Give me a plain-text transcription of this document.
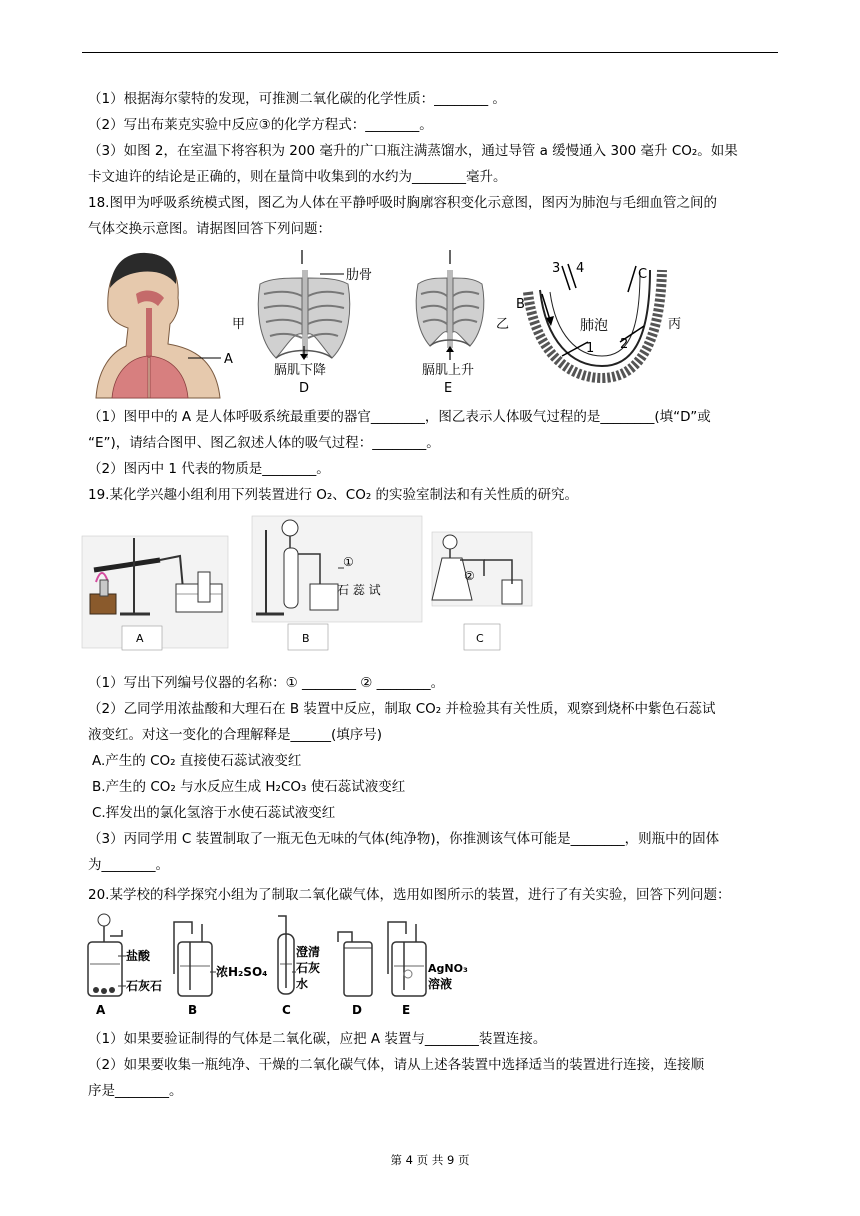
（1）根据海尔蒙特的发现，可推测二氧化碳的化学性质：________ 。
（2）写出布莱克实验中反应③的化学方程式：________。
（3）如图 2，在室温下将容积为 200 毫升的广口瓶注满蒸馏水，通过导管 a 缓慢通入 300 毫升 CO₂。如果
卡文迪许的结论是正确的，则在量筒中收集到的水约为________毫升。
18.图甲为呼吸系统模式图，图乙为人体在平静呼吸时胸廓容积变化示意图，图丙为肺泡与毛细血管之间的
气体交换示意图。请据图回答下列问题：
A
甲
肋骨
膈肌下降
D
膈肌上升
E
乙
3 4
B
C
肺泡
1 2
丙
（1）图甲中的 A 是人体呼吸系统最重要的器官________，图乙表示人体吸气过程的是________(填“D”或
“E”)，请结合图甲、图乙叙述人体的吸气过程：________。
（2）图丙中 1 代表的物质是________。
19.某化学兴趣小组利用下列装置进行 O₂、CO₂ 的实验室制法和有关性质的研究。
A
①
石 蕊 试
B
②
C
（1）写出下列编号仪器的名称：① ________ ② ________。
（2）乙同学用浓盐酸和大理石在 B 装置中反应，制取 CO₂ 并检验其有关性质，观察到烧杯中紫色石蕊试
液变红。对这一变化的合理解释是______(填序号)
A.产生的 CO₂ 直接使石蕊试液变红
B.产生的 CO₂ 与水反应生成 H₂CO₃ 使石蕊试液变红
C.挥发出的氯化氢溶于水使石蕊试液变红
（3）丙同学用 C 装置制取了一瓶无色无味的气体(纯净物)，你推测该气体可能是________，则瓶中的固体
为________。
20.某学校的科学探究小组为了制取二氧化碳气体，选用如图所示的装置，进行了有关实验，回答下列问题：
盐酸
石灰石
A
浓H₂SO₄
B
澄清
石灰
水
C	D
AgNO₃
溶液
E
（1）如果要验证制得的气体是二氧化碳，应把 A 装置与________装置连接。
（2）如果要收集一瓶纯净、干燥的二氧化碳气体，请从上述各装置中选择适当的装置进行连接，连接顺
序是________。
第 4 页 共 9 页
